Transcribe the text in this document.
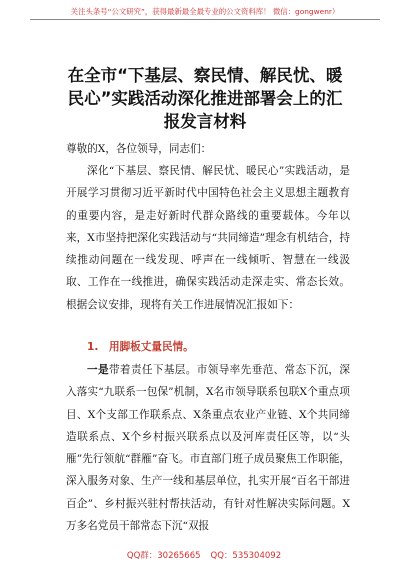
关注头条号“公文研究”，获得最新最全最专业的公文资料库！ 微信：gongwenr）
在全市“下基层、察民情、解民忧、暖民心”实践活动深化推进部署会上的汇报发言材料
尊敬的X，各位领导，同志们：
深化“下基层、察民情、解民忧、暖民心”实践活动，是开展学习贯彻习近平新时代中国特色社会主义思想主题教育的重要内容，是走好新时代群众路线的重要载体。今年以来，X市坚持把深化实践活动与“共同缔造”理念有机结合，持续推动问题在一线发现、呼声在一线倾听、智慧在一线汲取、工作在一线推进，确保实践活动走深走实、常态长效。根据会议安排，现将有关工作进展情况汇报如下：
1. 用脚板丈量民情。
一是带着责任下基层。市领导率先垂范、常态下沉，深入落实“九联系一包保”机制，X名市领导联系包联X个重点项目、X个支部工作联系点、X条重点农业产业链、X个共同缔造联系点、X个乡村振兴联系点以及河库责任区等，以“头雁”先行领航“群雁”奋飞。市直部门班子成员聚焦工作职能，深入服务对象、生产一线和基层单位，扎实开展“百名干部进百企”、乡村振兴驻村帮扶活动，有针对性解决实际问题。X万多名党员干部常态下沉“双报
QQ群：30265665 QQ：535304092
